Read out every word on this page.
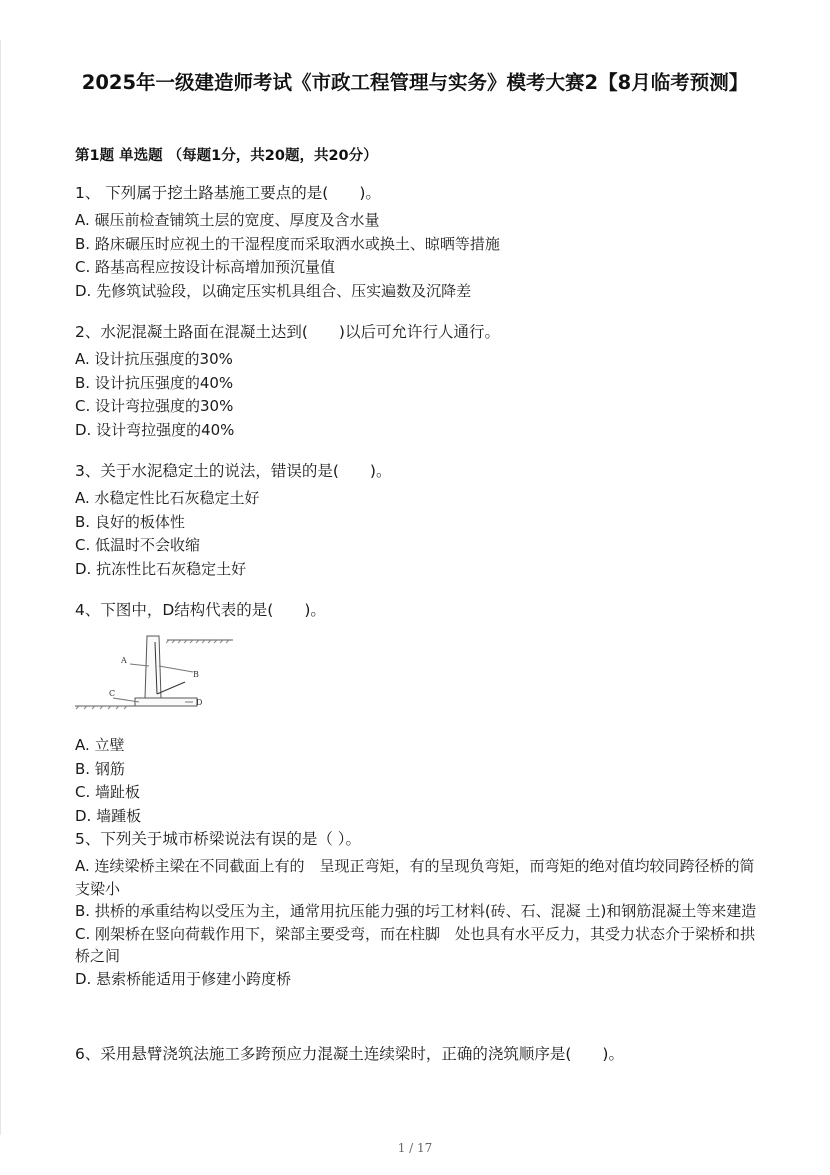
2025年一级建造师考试《市政工程管理与实务》模考大赛2【8月临考预测】
第1题 单选题 （每题1分，共20题，共20分）
1、 下列属于挖土路基施工要点的是(　　)。
A. 碾压前检查铺筑土层的宽度、厚度及含水量
B. 路床碾压时应视土的干湿程度而采取洒水或换土、晾晒等措施
C. 路基高程应按设计标高增加预沉量值
D. 先修筑试验段，以确定压实机具组合、压实遍数及沉降差
2、水泥混凝土路面在混凝土达到(　　)以后可允许行人通行。
A. 设计抗压强度的30%
B. 设计抗压强度的40%
C. 设计弯拉强度的30%
D. 设计弯拉强度的40%
3、关于水泥稳定土的说法，错误的是(　　)。
A. 水稳定性比石灰稳定土好
B. 良好的板体性
C. 低温时不会收缩
D. 抗冻性比石灰稳定土好
4、下图中，D结构代表的是(　　)。
A
B
C
D
A. 立壁
B. 钢筋
C. 墙趾板
D. 墙踵板
5、下列关于城市桥梁说法有误的是（ ）。
A. 连续梁桥主梁在不同截面上有的　呈现正弯矩，有的呈现负弯矩，而弯矩的绝对值均较同跨径桥的简支梁小
B. 拱桥的承重结构以受压为主，通常用抗压能力强的圬工材料(砖、石、混凝 土)和钢筋混凝土等来建造
C. 刚架桥在竖向荷载作用下，梁部主要受弯，而在柱脚　处也具有水平反力，其受力状态介于梁桥和拱桥之间
D. 悬索桥能适用于修建小跨度桥
6、采用悬臂浇筑法施工多跨预应力混凝土连续梁时，正确的浇筑顺序是(　　)。
1 / 17
